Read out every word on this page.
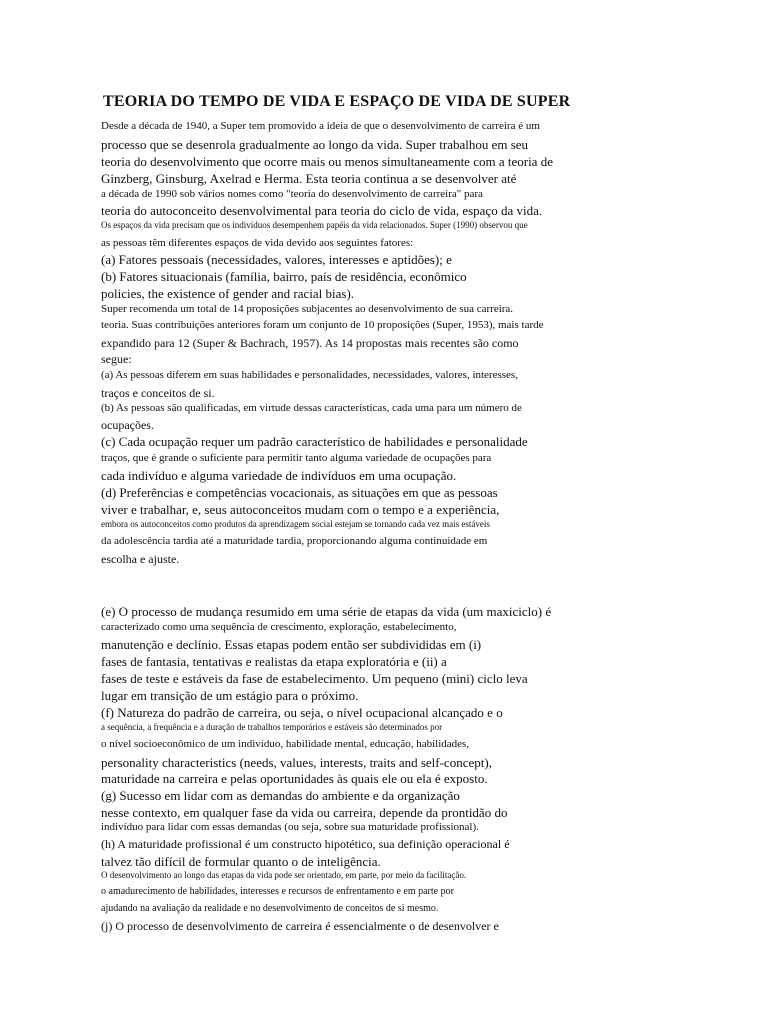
TEORIA DO TEMPO DE VIDA E ESPAÇO DE VIDA DE SUPER
Desde a década de 1940, a Super tem promovido a ideia de que o desenvolvimento de carreira é um
processo que se desenrola gradualmente ao longo da vida. Super trabalhou em seu
teoria do desenvolvimento que ocorre mais ou menos simultaneamente com a teoria de
Ginzberg, Ginsburg, Axelrad e Herma. Esta teoria continua a se desenvolver até
a década de 1990 sob vários nomes como "teoria do desenvolvimento de carreira" para
teoria do autoconceito desenvolvimental para teoria do ciclo de vida, espaço da vida.
Os espaços da vida precisam que os indivíduos desempenhem papéis da vida relacionados. Super (1990) observou que
as pessoas têm diferentes espaços de vida devido aos seguintes fatores:
(a) Fatores pessoais (necessidades, valores, interesses e aptidões); e
(b) Fatores situacionais (família, bairro, país de residência, econômico
policies, the existence of gender and racial bias).
Super recomenda um total de 14 proposições subjacentes ao desenvolvimento de sua carreira.
teoria. Suas contribuições anteriores foram um conjunto de 10 proposições (Super, 1953), mais tarde
expandido para 12 (Super & Bachrach, 1957). As 14 propostas mais recentes são como
segue:
(a) As pessoas diferem em suas habilidades e personalidades, necessidades, valores, interesses,
traços e conceitos de si.
(b) As pessoas são qualificadas, em virtude dessas características, cada uma para um número de
ocupações.
(c) Cada ocupação requer um padrão característico de habilidades e personalidade
traços, que é grande o suficiente para permitir tanto alguma variedade de ocupações para
cada indivíduo e alguma variedade de indivíduos em uma ocupação.
(d) Preferências e competências vocacionais, as situações em que as pessoas
viver e trabalhar, e, seus autoconceitos mudam com o tempo e a experiência,
embora os autoconceitos como produtos da aprendizagem social estejam se tornando cada vez mais estáveis
da adolescência tardia até a maturidade tardia, proporcionando alguma continuidade em
escolha e ajuste.
(e) O processo de mudança resumido em uma série de etapas da vida (um maxiciclo) é
caracterizado como uma sequência de crescimento, exploração, estabelecimento,
manutenção e declínio. Essas etapas podem então ser subdivididas em (i)
fases de fantasia, tentativas e realistas da etapa exploratória e (ii) a
fases de teste e estáveis da fase de estabelecimento. Um pequeno (mini) ciclo leva
lugar em transição de um estágio para o próximo.
(f) Natureza do padrão de carreira, ou seja, o nível ocupacional alcançado e o
a sequência, a frequência e a duração de trabalhos temporários e estáveis são determinados por
o nível socioeconômico de um indivíduo, habilidade mental, educação, habilidades,
personality characteristics (needs, values, interests, traits and self-concept),
maturidade na carreira e pelas oportunidades às quais ele ou ela é exposto.
(g) Sucesso em lidar com as demandas do ambiente e da organização
nesse contexto, em qualquer fase da vida ou carreira, depende da prontidão do
indivíduo para lidar com essas demandas (ou seja, sobre sua maturidade profissional).
(h) A maturidade profissional é um constructo hipotético, sua definição operacional é
talvez tão difícil de formular quanto o de inteligência.
O desenvolvimento ao longo das etapas da vida pode ser orientado, em parte, por meio da facilitação.
o amadurecimento de habilidades, interesses e recursos de enfrentamento e em parte por
ajudando na avaliação da realidade e no desenvolvimento de conceitos de si mesmo.
(j) O processo de desenvolvimento de carreira é essencialmente o de desenvolver e
